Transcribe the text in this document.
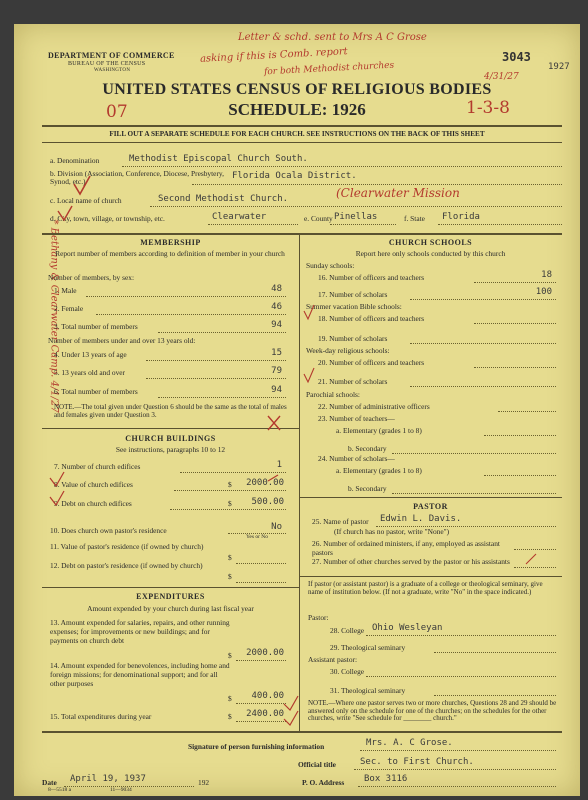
DEPARTMENT OF COMMERCE
BUREAU OF THE CENSUS
WASHINGTON
3043
1927
Letter & schd. sent to Mrs A C Grose
asking if this is Comb. report
for both Methodist churches	4/31/27
UNITED STATES CENSUS OF RELIGIOUS BODIES
SCHEDULE: 1926
07	1-3-8
FILL OUT A SEPARATE SCHEDULE FOR EACH CHURCH. SEE INSTRUCTIONS ON THE BACK OF THIS SHEET
* Bethany & Clearwater Camp. 4/1/27
a. Denomination	Methodist Episcopal Church South.
b. Division (Association, Conference, Diocese, Presbytery, Synod, etc.)
Florida Ocala District.
c. Local name of church	Second Methodist Church.	(Clearwater Mission
d. City, town, village, or township, etc.	Clearwater	e. County Pinellas	f. State Florida
MEMBERSHIP
Report number of members according to definition of member in your church
Number of members, by sex:
1. Male	48
2. Female	46
3. Total number of members	94
Number of members under and over 13 years old:
4. Under 13 years of age	15
5. 13 years old and over	79
6. Total number of members	94
NOTE.—The total given under Question 6 should be the same as the total of males and females given under Question 3.
CHURCH BUILDINGS
See instructions, paragraphs 10 to 12
7. Number of church edifices	1
8. Value of church edifices	$	2000.00
9. Debt on church edifices	$	500.00
10. Does church own pastor's residence	No
Yes or No
11. Value of pastor's residence (if owned by church)
$
12. Debt on pastor's residence (if owned by church)
$
EXPENDITURES
Amount expended by your church during last fiscal year
13. Amount expended for salaries, repairs, and other running expenses; for improvements or new buildings; and for payments on church debt
$	2000.00
14. Amount expended for benevolences, including home and foreign missions; for denominational support; and for all other purposes
$	400.00
15. Total expenditures during year	$	2400.00
CHURCH SCHOOLS
Report here only schools conducted by this church
Sunday schools:
16. Number of officers and teachers	18
17. Number of scholars	100
Summer vacation Bible schools:
18. Number of officers and teachers
19. Number of scholars
Week-day religious schools:
20. Number of officers and teachers
21. Number of scholars
Parochial schools:
22. Number of administrative officers
23. Number of teachers—
a. Elementary (grades 1 to 8)
b. Secondary
24. Number of scholars—
a. Elementary (grades 1 to 8)
b. Secondary
PASTOR
25. Name of pastor Edwin L. Davis.
(If church has no pastor, write "None")
26. Number of ordained ministers, if any, employed as assistant pastors
27. Number of other churches served by the pastor or his assistants
If pastor (or assistant pastor) is a graduate of a college or theological seminary, give name of institution below. (If not a graduate, write "No" in the space indicated.)
Pastor:
28. College Ohio Wesleyan
29. Theological seminary
Assistant pastor:
30. College
31. Theological seminary
NOTE.—Where one pastor serves two or more churches, Questions 28 and 29 should be answered only on the schedule for one of the churches; on the schedules for the other churches, write "See schedule for ________ church."
Signature of person furnishing information	Mrs. A. C Grose.
Official title	Sec. to First Church.
Date April 19, 1937	192	P. O. Address Box 3116
8—5518 a	11—9034
